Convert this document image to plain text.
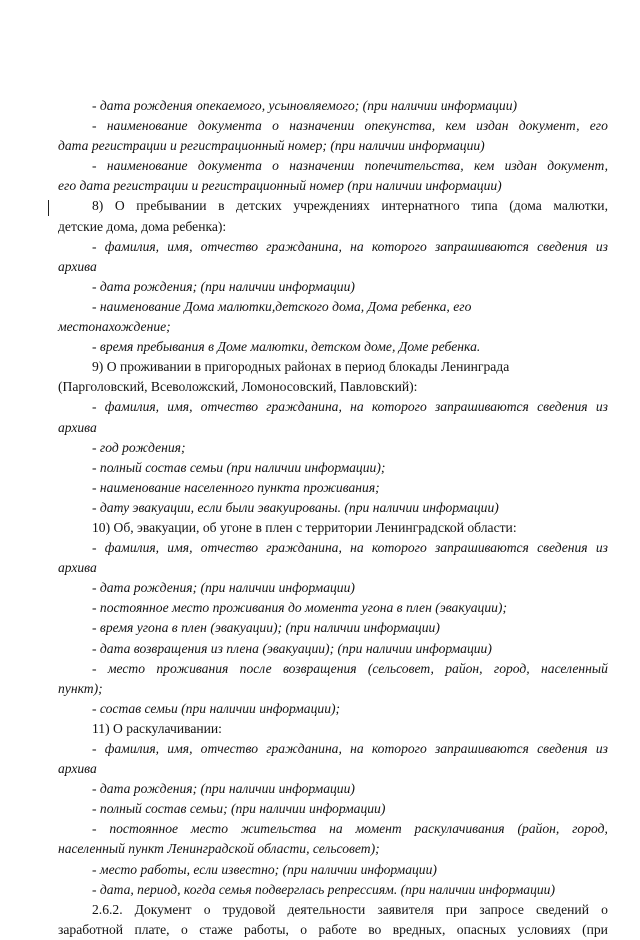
- дата рождения опекаемого, усыновляемого; (при наличии информации)
- наименование документа о назначении опекунства, кем издан документ, его
дата регистрации и регистрационный номер; (при наличии информации)
- наименование документа о назначении попечительства, кем издан документ,
его дата регистрации и регистрационный номер (при наличии информации)
8) О пребывании в детских учреждениях интернатного типа (дома малютки,
детские дома, дома ребенка):
- фамилия, имя, отчество гражданина, на которого запрашиваются сведения из
архива
- дата рождения; (при наличии информации)
- наименование Дома малютки,детского дома, Дома ребенка, его
местонахождение;
- время пребывания в Доме малютки, детском доме, Доме ребенка.
9) О проживании в пригородных районах в период блокады Ленинграда
(Парголовский, Всеволожский, Ломоносовский, Павловский):
- фамилия, имя, отчество гражданина, на которого запрашиваются сведения из
архива
- год рождения;
- полный состав семьи (при наличии информации);
- наименование населенного пункта проживания;
- дату эвакуации, если были эвакуированы. (при наличии информации)
10) Об, эвакуации, об угоне в плен с территории Ленинградской области:
- фамилия, имя, отчество гражданина, на которого запрашиваются сведения из
архива
- дата рождения; (при наличии информации)
- постоянное место проживания до момента угона в плен (эвакуации);
- время угона в плен (эвакуации); (при наличии информации)
- дата возвращения из плена (эвакуации); (при наличии информации)
- место проживания после возвращения (сельсовет, район, город, населенный
пункт);
- состав семьи (при наличии информации);
11) О раскулачивании:
- фамилия, имя, отчество гражданина, на которого запрашиваются сведения из
архива
- дата рождения; (при наличии информации)
- полный состав семьи; (при наличии информации)
- постоянное место жительства на момент раскулачивания (район, город,
населенный пункт Ленинградской области, сельсовет);
- место работы, если известно; (при наличии информации)
- дата, период, когда семья подверглась репрессиям. (при наличии информации)
2.6.2. Документ о трудовой деятельности заявителя при запросе сведений о
заработной плате, о стаже работы, о работе во вредных, опасных условиях (при
